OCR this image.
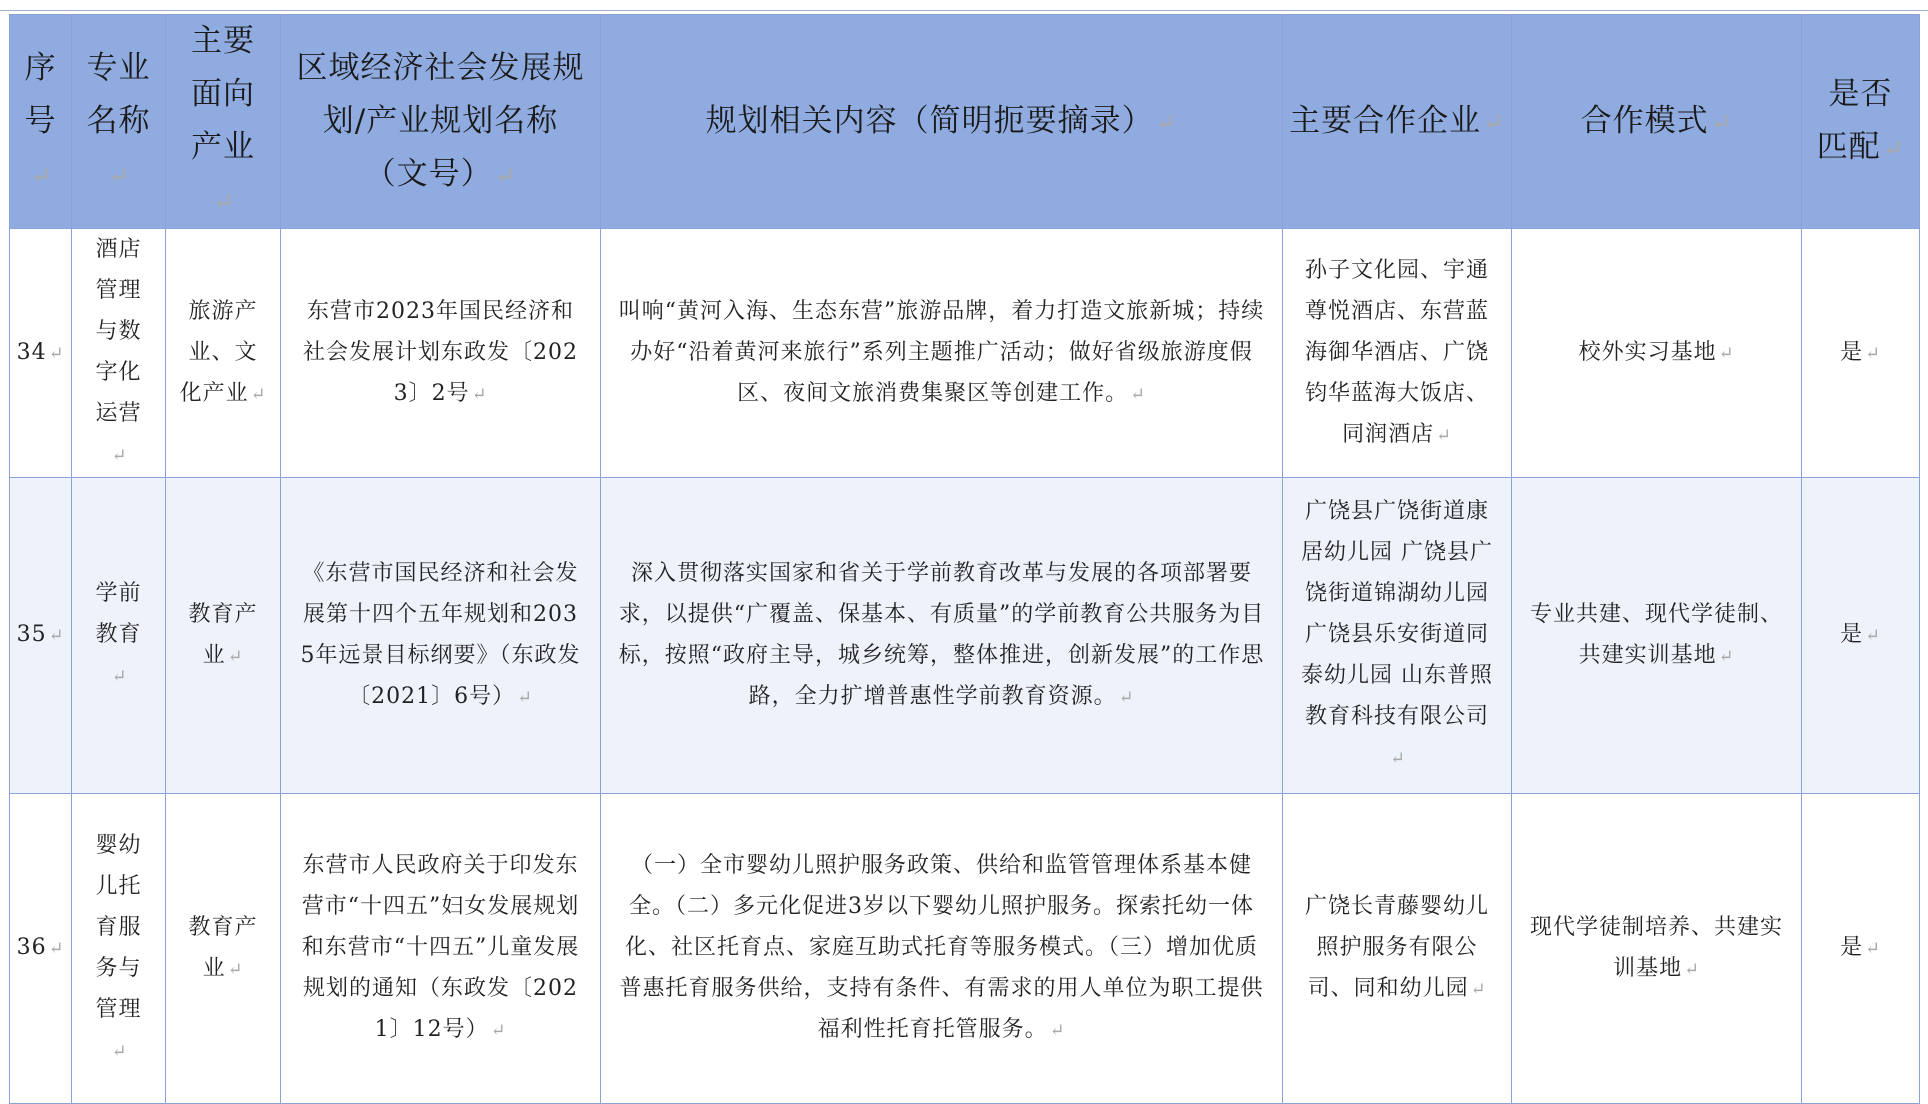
序号↵	专业名称↵	主要面向产业↵	区域经济社会发展规划/产业规划名称（文号）↵	规划相关内容（简明扼要摘录）↵	主要合作企业↵	合作模式↵	是否匹配↵
34 ↵	酒店管理与数字化运营↵	旅游产业、文化产业 ↵	东营市2023年国民经济和社会发展计划东政发〔2023〕2号 ↵	叫响“黄河入海、生态东营”旅游品牌，着力打造文旅新城；持续办好“沿着黄河来旅行”系列主题推广活动；做好省级旅游度假区、夜间文旅消费集聚区等创建工作。 ↵	孙子文化园、宇通尊悦酒店、东营蓝海御华酒店、广饶钧华蓝海大饭店、同润酒店 ↵	校外实习基地 ↵	是 ↵
35 ↵	学前教育↵	教育产业 ↵	《东营市国民经济和社会发展第十四个五年规划和2035年远景目标纲要》（东政发〔2021〕6号） ↵	深入贯彻落实国家和省关于学前教育改革与发展的各项部署要求，以提供“广覆盖、保基本、有质量”的学前教育公共服务为目标，按照“政府主导，城乡统筹，整体推进，创新发展”的工作思路，全力扩增普惠性学前教育资源。 ↵	广饶县广饶街道康居幼儿园 广饶县广饶街道锦湖幼儿园 广饶县乐安街道同泰幼儿园 山东普照教育科技有限公司↵	专业共建、现代学徒制、共建实训基地 ↵	是 ↵
36 ↵	婴幼儿托育服务与管理↵	教育产业 ↵	东营市人民政府关于印发东营市“十四五”妇女发展规划和东营市“十四五”儿童发展规划的通知（东政发〔2021〕12号） ↵	（一）全市婴幼儿照护服务政策、供给和监管管理体系基本健全。（二）多元化促进3岁以下婴幼儿照护服务。探索托幼一体化、社区托育点、家庭互助式托育等服务模式。（三）增加优质普惠托育服务供给，支持有条件、有需求的用人单位为职工提供福利性托育托管服务。 ↵	广饶长青藤婴幼儿照护服务有限公司、同和幼儿园 ↵	现代学徒制培养、共建实训基地 ↵	是 ↵
